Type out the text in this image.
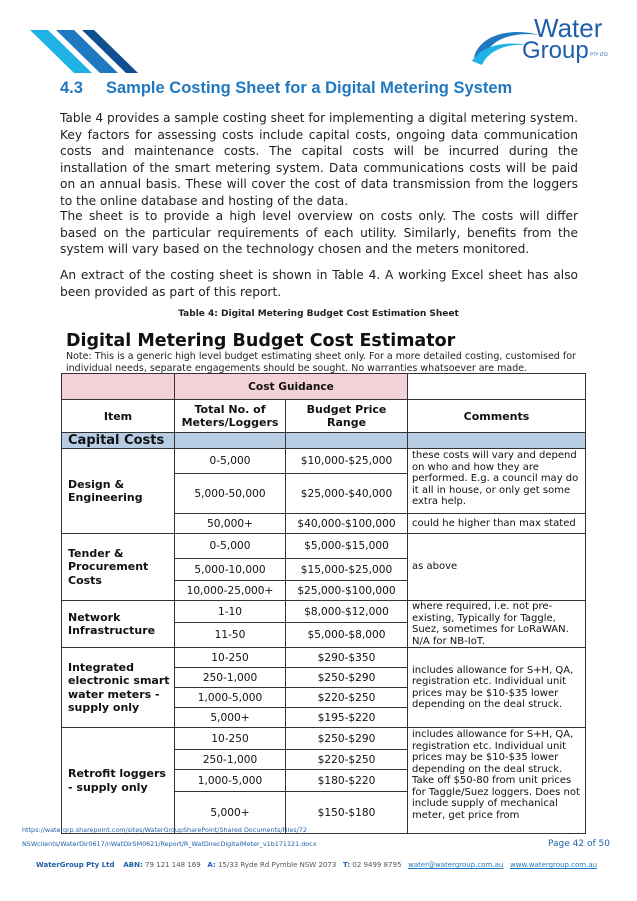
Water
Group PTY LTD
4.3 Sample Costing Sheet for a Digital Metering System

Table 4 provides a sample costing sheet for implementing a digital metering system. Key factors for assessing costs include capital costs, ongoing data communication costs and maintenance costs. The capital costs will be incurred during the installation of the smart metering system. Data communications costs will be paid on an annual basis. These will cover the cost of data transmission from the loggers to the online database and hosting of the data.

The sheet is to provide a high level overview on costs only. The costs will differ based on the particular requirements of each utility. Similarly, benefits from the system will vary based on the technology chosen and the meters monitored.

An extract of the costing sheet is shown in Table 4. A working Excel sheet has also been provided as part of this report.

Table 4: Digital Metering Budget Cost Estimation Sheet
Digital Metering Budget Cost Estimator
Note: This is a generic high level budget estimating sheet only. For a more detailed costing, customised for individual needs, separate engagements should be sought. No warranties whatsoever are made.
	Cost Guidance		
Item	Total No. of Meters/Loggers	Budget Price Range	Comments
Capital Costs			
Design & Engineering	0-5,000	$10,000-$25,000	these costs will vary and depend on who and how they are performed. E.g. a council may do it all in house, or only get some extra help.
	5,000-50,000	$25,000-$40,000	
	50,000+	$40,000-$100,000	could he higher than max stated
Tender & Procurement Costs	0-5,000	$5,000-$15,000	as above
	5,000-10,000	$15,000-$25,000	
	10,000-25,000+	$25,000-$100,000	
Network Infrastructure	1-10	$8,000-$12,000	where required, i.e. not pre-existing, Typically for Taggle, Suez, sometimes for LoRaWAN. N/A for NB-IoT.
	11-50	$5,000-$8,000	
Integrated electronic smart water meters - supply only	10-250	$290-$350	includes allowance for S+H, QA, registration etc. Individual unit prices may be $10-$35 lower depending on the deal struck.
	250-1,000	$250-$290	
	1,000-5,000	$220-$250	
	5,000+	$195-$220	
Retrofit loggers - supply only	10-250	$250-$290	includes allowance for S+H, QA, registration etc. Individual unit prices may be $10-$35 lower depending on the deal struck. Take off $50-80 from unit prices for Taggle/Suez loggers. Does not include supply of mechanical meter, get price from
	250-1,000	$220-$250	
	1,000-5,000	$180-$220	
	5,000+	$150-$180	
https://watergrp.sharepoint.com/sites/WaterGroupSharePoint/Shared Documents/Files/72
NSWclients/WaterDir0617/nWatDirSM0621/Report/R_WatDirecDigitalMeter_v1b171121.docx	Page 42 of 50
WaterGroup Pty Ltd ABN: 79 121 148 169 A: 15/33 Ryde Rd Pymble NSW 2073 T: 02 9499 8795 water@watergroup.com.au www.watergroup.com.au
